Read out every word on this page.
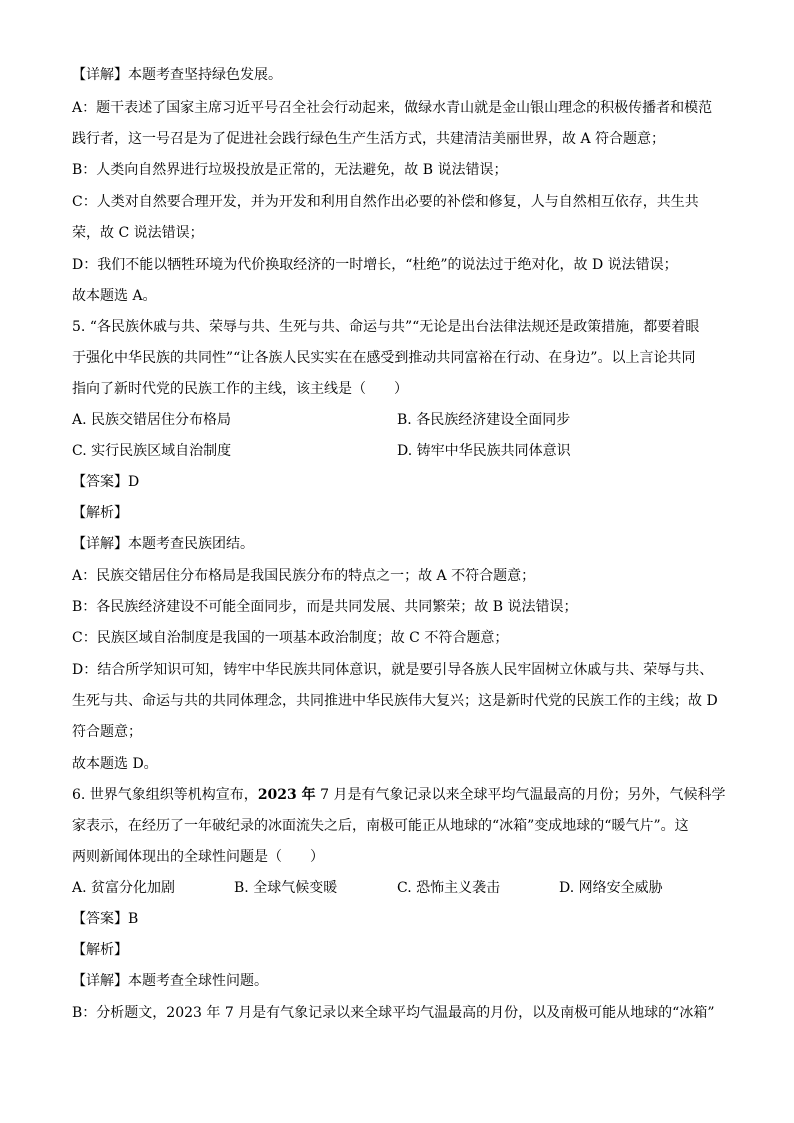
【详解】本题考查坚持绿色发展。
A：题干表述了国家主席习近平号召全社会行动起来，做绿水青山就是金山银山理念的积极传播者和模范
践行者，这一号召是为了促进社会践行绿色生产生活方式，共建清洁美丽世界，故 A 符合题意；
B：人类向自然界进行垃圾投放是正常的，无法避免，故 B 说法错误；
C：人类对自然要合理开发，并为开发和利用自然作出必要的补偿和修复，人与自然相互依存，共生共
荣，故 C 说法错误；
D：我们不能以牺牲环境为代价换取经济的一时增长，“杜绝”的说法过于绝对化，故 D 说法错误；
故本题选 A。
5. “各民族休戚与共、荣辱与共、生死与共、命运与共”“无论是出台法律法规还是政策措施，都要着眼
于强化中华民族的共同性”“让各族人民实实在在感受到推动共同富裕在行动、在身边”。以上言论共同
指向了新时代党的民族工作的主线，该主线是（　　）
A. 民族交错居住分布格局	B. 各民族经济建设全面同步
C. 实行民族区域自治制度	D. 铸牢中华民族共同体意识
【答案】D
【解析】
【详解】本题考查民族团结。
A：民族交错居住分布格局是我国民族分布的特点之一；故 A 不符合题意；
B：各民族经济建设不可能全面同步，而是共同发展、共同繁荣；故 B 说法错误；
C：民族区域自治制度是我国的一项基本政治制度；故 C 不符合题意；
D：结合所学知识可知，铸牢中华民族共同体意识，就是要引导各族人民牢固树立休戚与共、荣辱与共、
生死与共、命运与共的共同体理念，共同推进中华民族伟大复兴；这是新时代党的民族工作的主线；故 D
符合题意；
故本题选 D。
6. 世界气象组织等机构宣布，2023 年 7 月是有气象记录以来全球平均气温最高的月份；另外，气候科学
家表示，在经历了一年破纪录的冰面流失之后，南极可能正从地球的“冰箱”变成地球的“暖气片”。这
两则新闻体现出的全球性问题是（　　）
A. 贫富分化加剧	B. 全球气候变暖	C. 恐怖主义袭击	D. 网络安全威胁
【答案】B
【解析】
【详解】本题考查全球性问题。
B：分析题文，2023 年 7 月是有气象记录以来全球平均气温最高的月份，以及南极可能从地球的“冰箱”
